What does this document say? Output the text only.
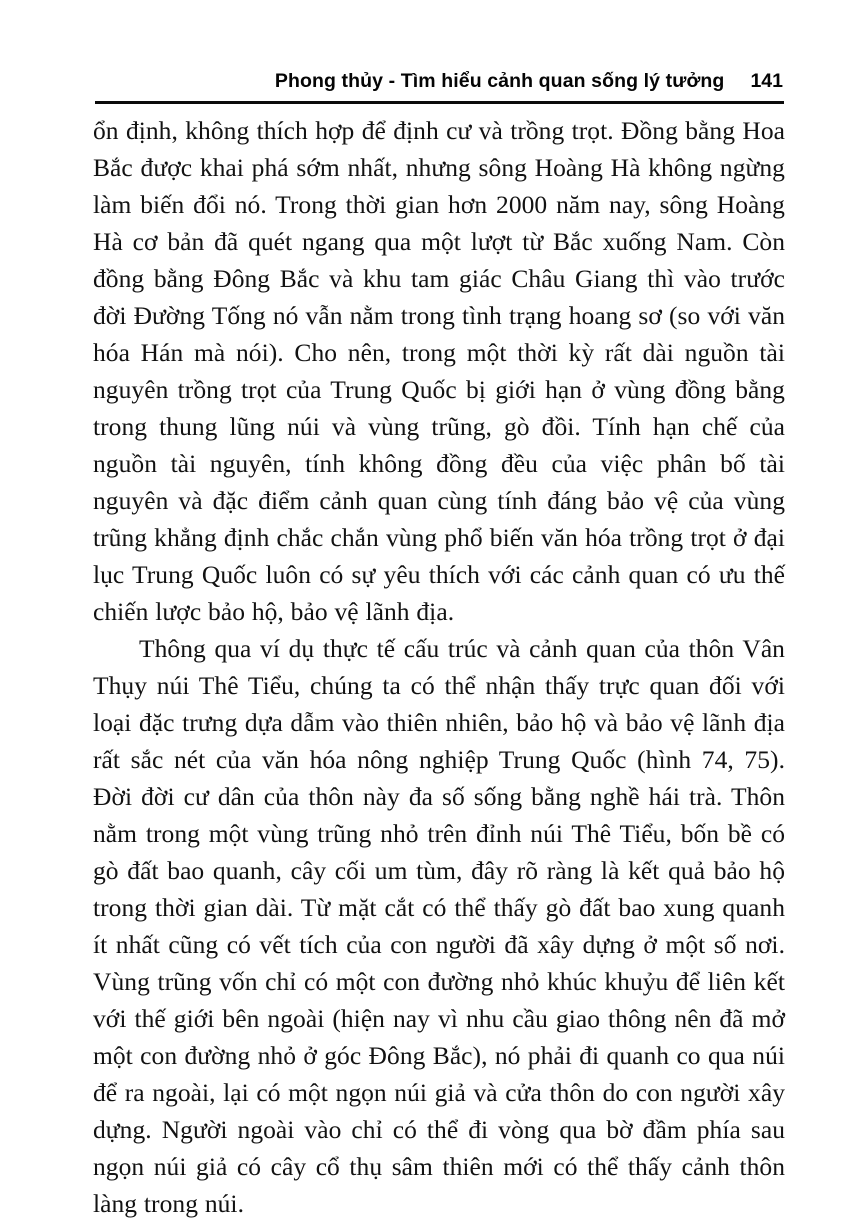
Phong thủy - Tìm hiểu cảnh quan sống lý tưởng 141

ổn định, không thích hợp để định cư và trồng trọt. Đồng bằng Hoa Bắc được khai phá sớm nhất, nhưng sông Hoàng Hà không ngừng làm biến đổi nó. Trong thời gian hơn 2000 năm nay, sông Hoàng Hà cơ bản đã quét ngang qua một lượt từ Bắc xuống Nam. Còn đồng bằng Đông Bắc và khu tam giác Châu Giang thì vào trước đời Đường Tống nó vẫn nằm trong tình trạng hoang sơ (so với văn hóa Hán mà nói). Cho nên, trong một thời kỳ rất dài nguồn tài nguyên trồng trọt của Trung Quốc bị giới hạn ở vùng đồng bằng trong thung lũng núi và vùng trũng, gò đồi. Tính hạn chế của nguồn tài nguyên, tính không đồng đều của việc phân bố tài nguyên và đặc điểm cảnh quan cùng tính đáng bảo vệ của vùng trũng khẳng định chắc chắn vùng phổ biến văn hóa trồng trọt ở đại lục Trung Quốc luôn có sự yêu thích với các cảnh quan có ưu thế chiến lược bảo hộ, bảo vệ lãnh địa.

Thông qua ví dụ thực tế cấu trúc và cảnh quan của thôn Vân Thụy núi Thê Tiểu, chúng ta có thể nhận thấy trực quan đối với loại đặc trưng dựa dẫm vào thiên nhiên, bảo hộ và bảo vệ lãnh địa rất sắc nét của văn hóa nông nghiệp Trung Quốc (hình 74, 75). Đời đời cư dân của thôn này đa số sống bằng nghề hái trà. Thôn nằm trong một vùng trũng nhỏ trên đỉnh núi Thê Tiểu, bốn bề có gò đất bao quanh, cây cối um tùm, đây rõ ràng là kết quả bảo hộ trong thời gian dài. Từ mặt cắt có thể thấy gò đất bao xung quanh ít nhất cũng có vết tích của con người đã xây dựng ở một số nơi. Vùng trũng vốn chỉ có một con đường nhỏ khúc khuỷu để liên kết với thế giới bên ngoài (hiện nay vì nhu cầu giao thông nên đã mở một con đường nhỏ ở góc Đông Bắc), nó phải đi quanh co qua núi để ra ngoài, lại có một ngọn núi giả và cửa thôn do con người xây dựng. Người ngoài vào chỉ có thể đi vòng qua bờ đầm phía sau ngọn núi giả có cây cổ thụ sâm thiên mới có thể thấy cảnh thôn làng trong núi.
